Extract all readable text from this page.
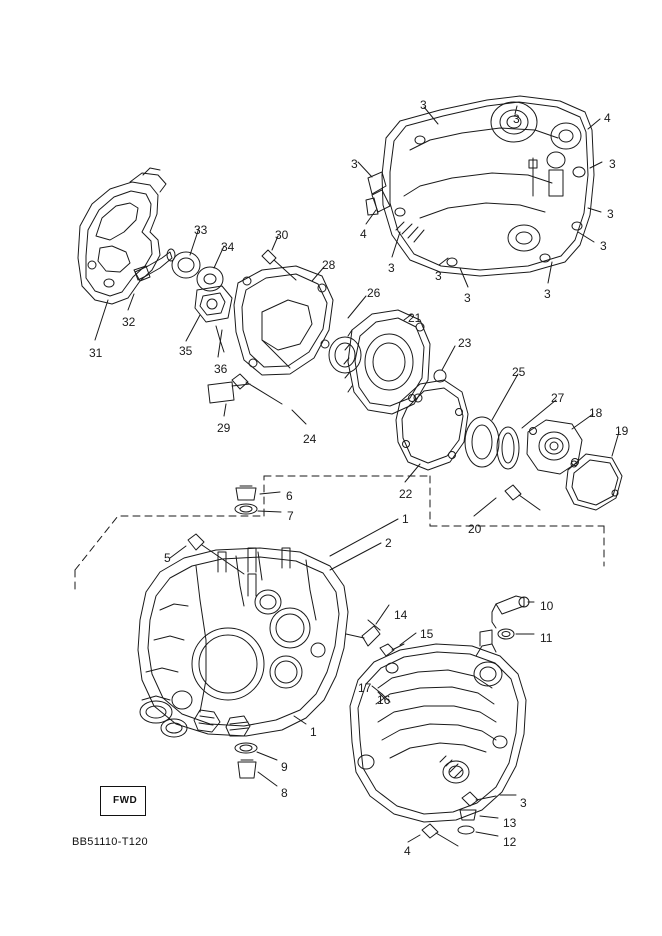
FWD
BB51110-T120
3
4
3
3	3
3
4
3
3
3
3	3
33
34
30
28
32
26
31	35
36
21
23
25
27
18
19
29
24
22
20
6
7	1
2
5
10
14
11
15
17
16
1
9
8
3
13
12
4
